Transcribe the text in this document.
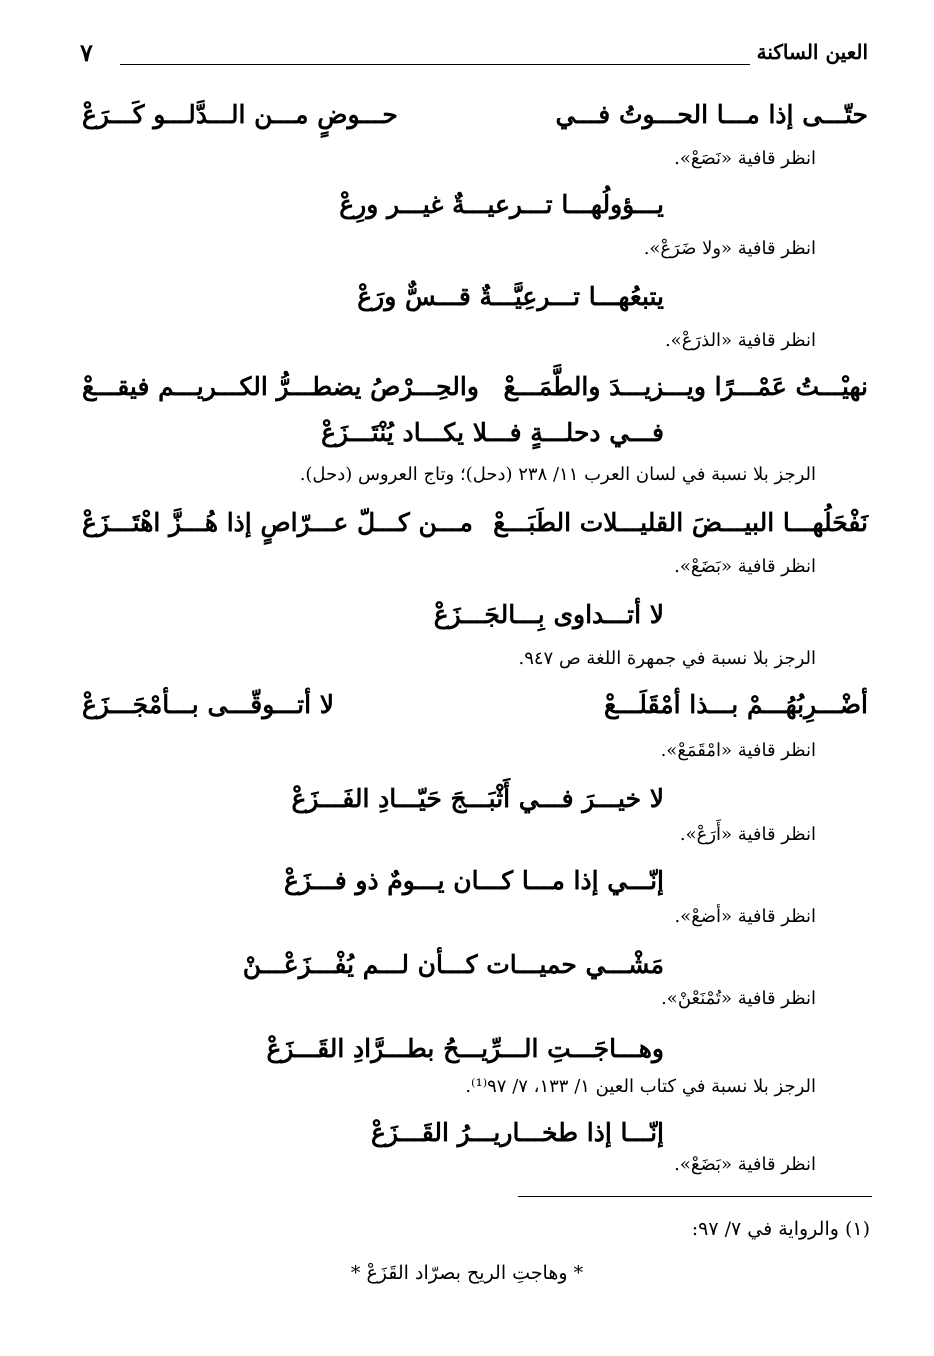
العين الساكنة
٧
حتّـــى إذا مـــا الحـــوتُ فـــي
حـــوضٍ مـــن الـــدَّلـــو كَـــرَعْ
انظر قافية «نَصَعْ».
يـــؤولُهـــا تـــرعيـــةٌ غيـــر ورِعْ
انظر قافية «ولا ضَرَعْ».
يتبعُهـــا تـــرعِيَّـــةٌ قـــسٌّ ورَعْ
انظر قافية «الذرَعْ».
نهيْـــتُ عَمْـــرًا ويـــزيـــدَ والطَّمَـــعْ
والحِـــرْصُ يضطـــرُّ الكـــريـــم فيقـــعْ
فـــي دحلـــةٍ فـــلا يكـــاد يُنْتَـــزَعْ
الرجز بلا نسبة في لسان العرب ١١/ ٢٣٨ (دحل)؛ وتاج العروس (دحل).
نَفْحَلُهـــا البيـــضَ القليـــلات الطَبَـــعْ
مـــن كـــلّ عـــرّاصٍ إذا هُـــزَّ اهْتَـــزَعْ
انظر قافية «بَضَعْ».
لا أتـــداوى بِـــالجَـــزَعْ
الرجز بلا نسبة في جمهرة اللغة ص ٩٤٧.
أضْـــرِبُهُـــمْ بـــذا أمْقَلَـــعْ
لا أتـــوقّـــى بـــأمْجَـــزَعْ
انظر قافية «امْقَمَعْ».
لا خيـــرَ فـــي أَثْبَـــجَ حَيّـــادِ الفَـــزَعْ
انظر قافية «أَرَعْ».
إنّـــي إذا مـــا كـــان يـــومٌ ذو فـــزَعْ
انظر قافية «أضعْ».
مَشْـــي حميـــات كـــأن لـــم يُفْـــزَعْـــنْ
انظر قافية «تُمْنَعْنْ».
وهـــاجَـــتِ الـــرِّيـــحُ بطـــرَّادِ القَـــزَعْ
الرجز بلا نسبة في كتاب العين ١/ ١٣٣، ٧/ ٩٧⁽¹⁾.
إنّـــا إذا طخـــاريـــرُ القَـــزَعْ
انظر قافية «بَضَعْ».
(١) والرواية في ٧/ ٩٧:
* وهاجتِ الريح بصرّاد القَزَعْ *
